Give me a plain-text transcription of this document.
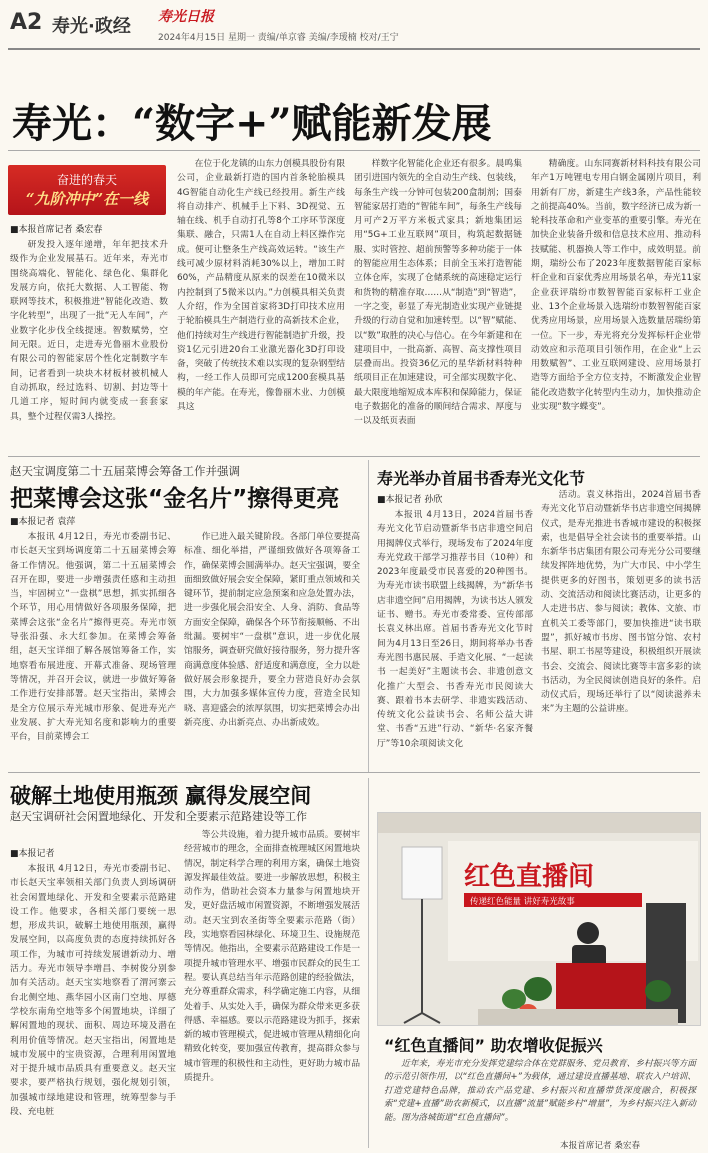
A2 寿光·政经 寿光日报
2024年4月15日 星期一 责编/单京睿 美编/李瑷楠 校对/王宁
寿光：“数字+”赋能新发展
奋进的春天
“九阶冲中”在一线
■本报首席记者 桑宏春
研发投入逐年递增，年年把技术升级作为企业发展基石。近年来，寿光市围绕高端化、智能化、绿色化、集群化发展方向，依托大数据、人工智能、物联网等技术，积极推进“智能化改造、数字化转型”，出现了一批“无人车间”，产业数字化步伐全线提速。智数赋势，空间无限。近日，走进寿光鲁丽木业股份有限公司的智能家居个性化定制数字车间，记者看到一块块木材板材被机械人自动抓取，经过选料、切割、封边等十几道工序，短时间内就变成一套套家具，整个过程仅需3人操控。
在位于化龙镇的山东力创模具股份有限公司，企业最新打造的国内首条轮胎模具4G智能自动化生产线已经投用。新生产线将自动排产、机械手上下料、3D视觉、五轴在线、机手自动打孔等8个工序环节深度集联、融合，只需1人在自动上料区操作完成。便可让整条生产线高效运转。“该生产线可减少原材料消耗30%以上，增加工时60%，产品精度从原来的误差在10微米以内控制到了5微米以内。”力创模具相关负责人介绍，作为全国首家将3D打印技术应用于轮胎模具生产制造行业的高新技术企业，他们持续对生产线进行智能制造扩升级，投资1亿元引进20台工业激光器化3D打印设备，突破了传统技术难以实现的复杂钢型结构，一经工作人员即可完成1200套模具基模的年产能。在寿光，像鲁丽木业、力创模具这
样数字化智能化企业还有很多。晨鸣集团引进国内领先的全自动生产线、包装线，每条生产线一分钟可包装200盒制剂；国泰智能家居打造的“智能车间”，每条生产线每月可产2万平方米板式家具；新地集团运用“5G+工业互联网”项目，构筑起数据链服、实时管控、超前预警等多种功能于一体的智能应用生态体系；目前全玉米打造智能立体仓库，实现了仓储系统的高速稳定运行和货物的精准存取……从“制造”到“智造”，一字之变，彰显了寿光制造业实现产业链提升级的行动自觉和加速转型。以“智”赋能、以“数”取胜的决心与信心。在今年新建和在建项目中，一批高新、高智、高支撑性项目层叠而出。投资36亿元的星华新材料特种纸项目正在加速建设，可全部实现数字化、最大限度地缩短成本库积和保障能力，保证电子数据化的准备的顺间结合需求、厚度与一以及纸页表面
精确度。山东同赛新材料科技有限公司年产1万吨锂电专用白钢金属刚片项目，利用新有厂房，新建生产线3条，产品性能较之前提高40%。当前，数字经济已成为新一轮科技革命和产业变革的重要引擎。寿光在加快企业装备升级和信息技术应用、推动科技赋能、机器换人等工作中，成效明显。前期，瑞纷公布了2023年度数据智能百家标杆企业和百家优秀应用场景名单，寿光11家企业获评瑞纷市数智智能百家标杆工业企业、13个企业场景入选瑞纷市数智智能百家优秀应用场景，应用场景入选数量居瑞纷第一位。下一步，寿光将充分发挥标杆企业带动效应和示范项目引领作用，在企业“上云用数赋智”、工业互联网建设、应用场景打造等方面给予全方位支持，不断激发企业智能化改造数字化转型内生动力，加快推动企业实现“数字蝶变”。
赵天宝调度第二十五届菜博会筹备工作并强调
把菜博会这张“金名片”擦得更亮
■本报记者 袁萍
本报讯 4月12日，寿光市委副书记、市长赵天宝到场调度第二十五届菜博会筹备工作情况。他强调，第二十五届菜博会召开在即，要进一步增强责任感和主动担当，牢固树立“一盘棋”思想，抓实抓细各个环节，用心用情做好各项服务保障，把菜博会这张“金名片”擦得更亮。寿光市领导张沿强、永大红参加。在菜博会筹备组，赵天宝详细了解各展馆筹备工作，实地察看布展进度、开幕式准备、现场管理等情况，并召开会议，就进一步做好筹备工作进行安排部署。赵天宝指出，菜博会是全方位展示寿光城市形象、促进寿光产业发展、扩大寿光知名度和影响力的重要平台，目前菜博会工
作已进入最关键阶段。各部门单位要提高标准、细化举措，严谨细致做好各项筹备工作，确保菜博会圆满举办。赵天宝强调，要全面细致做好展会安全保障，紧盯重点领域和关键环节，提前制定应急预案和应急处置办法，进一步强化展会沿安全、人身、消防、食品等方面安全保障，确保各个环节衔接顺畅、不出纰漏。要树牢“一盘棋”意识，进一步优化展馆服务，调查研究做好接待服务，努力提升客商满意度体验感、舒适度和满意度，全力以赴做好展会形象提升，要全力营造良好办会氛围，大力加强多媒体宣传力度，营造全民知晓、喜迎盛会的浓厚氛围，切实把菜博会办出新亮度、办出新亮点、办出新成效。
寿光举办首届书香寿光文化节
■本报记者 孙欣
本报讯 4月13日，2024首届书香寿光文化节启动暨新华书店非遗空间启用揭牌仪式举行，现场发布了2024年度寿光党政干部学习推荐书目（10种）和2023年度最受市民喜爱的20种图书。为寿光市读书联盟上线揭牌，为“新华书店非遗空间”启用揭牌，为读书达人颁发证书、赠书。寿光市委常委、宣传部部长袁义林出席。首届书香寿光文化节时间为4月13日至26日，期间将举办书香寿光图书惠民展、手造文化展、“一起读书 一起美好”主题读书会、非遗创意文化推广大型会、书香寿光市民阅读大赛、跟着书本去研学、非遗实践活动、传统文化公益读书会、名师公益大讲堂、书香“五进”行动、“新华·名家齐餐厅”等10余项阅读文化
活动。袁义林指出，2024首届书香寿光文化节启动暨新华书店非遗空间揭牌仪式，是寿光推进书香城市建设的积极探索，也是倡导全社会读书的重要举措。山东新华书店集团有限公司寿光分公司要继续发挥阵地优势，为广大市民、中小学生提供更多的好图书，策划更多的读书活动、交流活动和阅读比赛活动，让更多的人走进书店、参与阅读；教体、文旅、市直机关工委等部门，要加快推进“读书联盟”，抓好城市书房、图书馆分馆、农村书屋、职工书屋等建设，积极组织开展读书会、交流会、阅读比赛等丰富多彩的读书活动，为全民阅读创造良好的条件。启动仪式后，现场还举行了以“阅读滋养未来”为主题的公益讲座。
破解土地使用瓶颈 赢得发展空间
赵天宝调研社会闲置地绿化、开发和全要素示范路建设等工作
■本报记者
本报讯 4月12日，寿光市委副书记、市长赵天宝率领相关部门负责人到场调研社会闲置地绿化、开发和全要素示范路建设工作。他要求，各相关部门要统一思想，形成共识，破解土地使用瓶颈，赢得发展空间，以高度负责的态度持续抓好各项工作，为城市可持续发展谱新动力、增活力。寿光市领导李增昌、李树俊分别参加有关活动。赵天宝实地察看了渭河寨云台北侧空地、燕华园小区南门空地、厚德学校东南角空地等多个闲置地块，详细了解闲置地的现状、面积、周边环境及潜在利用价值等情况。赵天宝指出，闲置地是城市发展中的宝贵资源，合理利用闲置地对于提升城市品质具有重要意义。赵天宝要求，要严格执行规划，强化规划引领，加强城市绿地建设和管理，统筹型参与手段、充电桩
等公共设施，着力提升城市品质。要树牢经营城市的理念，全面排查梳理城区闲置地块情况，制定科学合理的利用方案，确保土地资源发挥最佳效益。要进一步解放思想，积极主动作为，借助社会资本力量参与闲置地块开发，更好盘活城市闲置资源，不断增强发展活动。赵天宝到农圣街等全要素示范路（街）段，实地察看园林绿化、环境卫生、设施规范等情况。他指出，全要素示范路建设工作是一项提升城市管理水平、增强市民群众的民生工程。要认真总结当年示范路创建的经验做法，充分尊重群众需求，科学确定施工内容，从细处着手、从实处入手，确保为群众带来更多获得感、幸福感。要以示范路建设为抓手，探索新的城市管理模式，促进城市管理从精细化向精致化转变，要加强宣传教育，提高群众参与城市管理的积极性和主动性，更好助力城市品质提升。
红色直播间
传递红色能量 讲好寿光故事
“红色直播间” 助农增收促振兴
近年来，寿光市充分发挥党建综合体在党群服务、党员教育、乡村振兴等方面的示范引领作用，以“红色直播间+”为载体，通过建设直播基地、联农入户培训、打造党建特色品牌，推动农产品党建、乡村振兴和直播带货深度融合，积极探索“党建+直播”助农新模式，以直播“流量”赋能乡村“增量”，为乡村振兴注入新动能。图为洛城街道“红色直播间”。
本报首席记者 桑宏春
